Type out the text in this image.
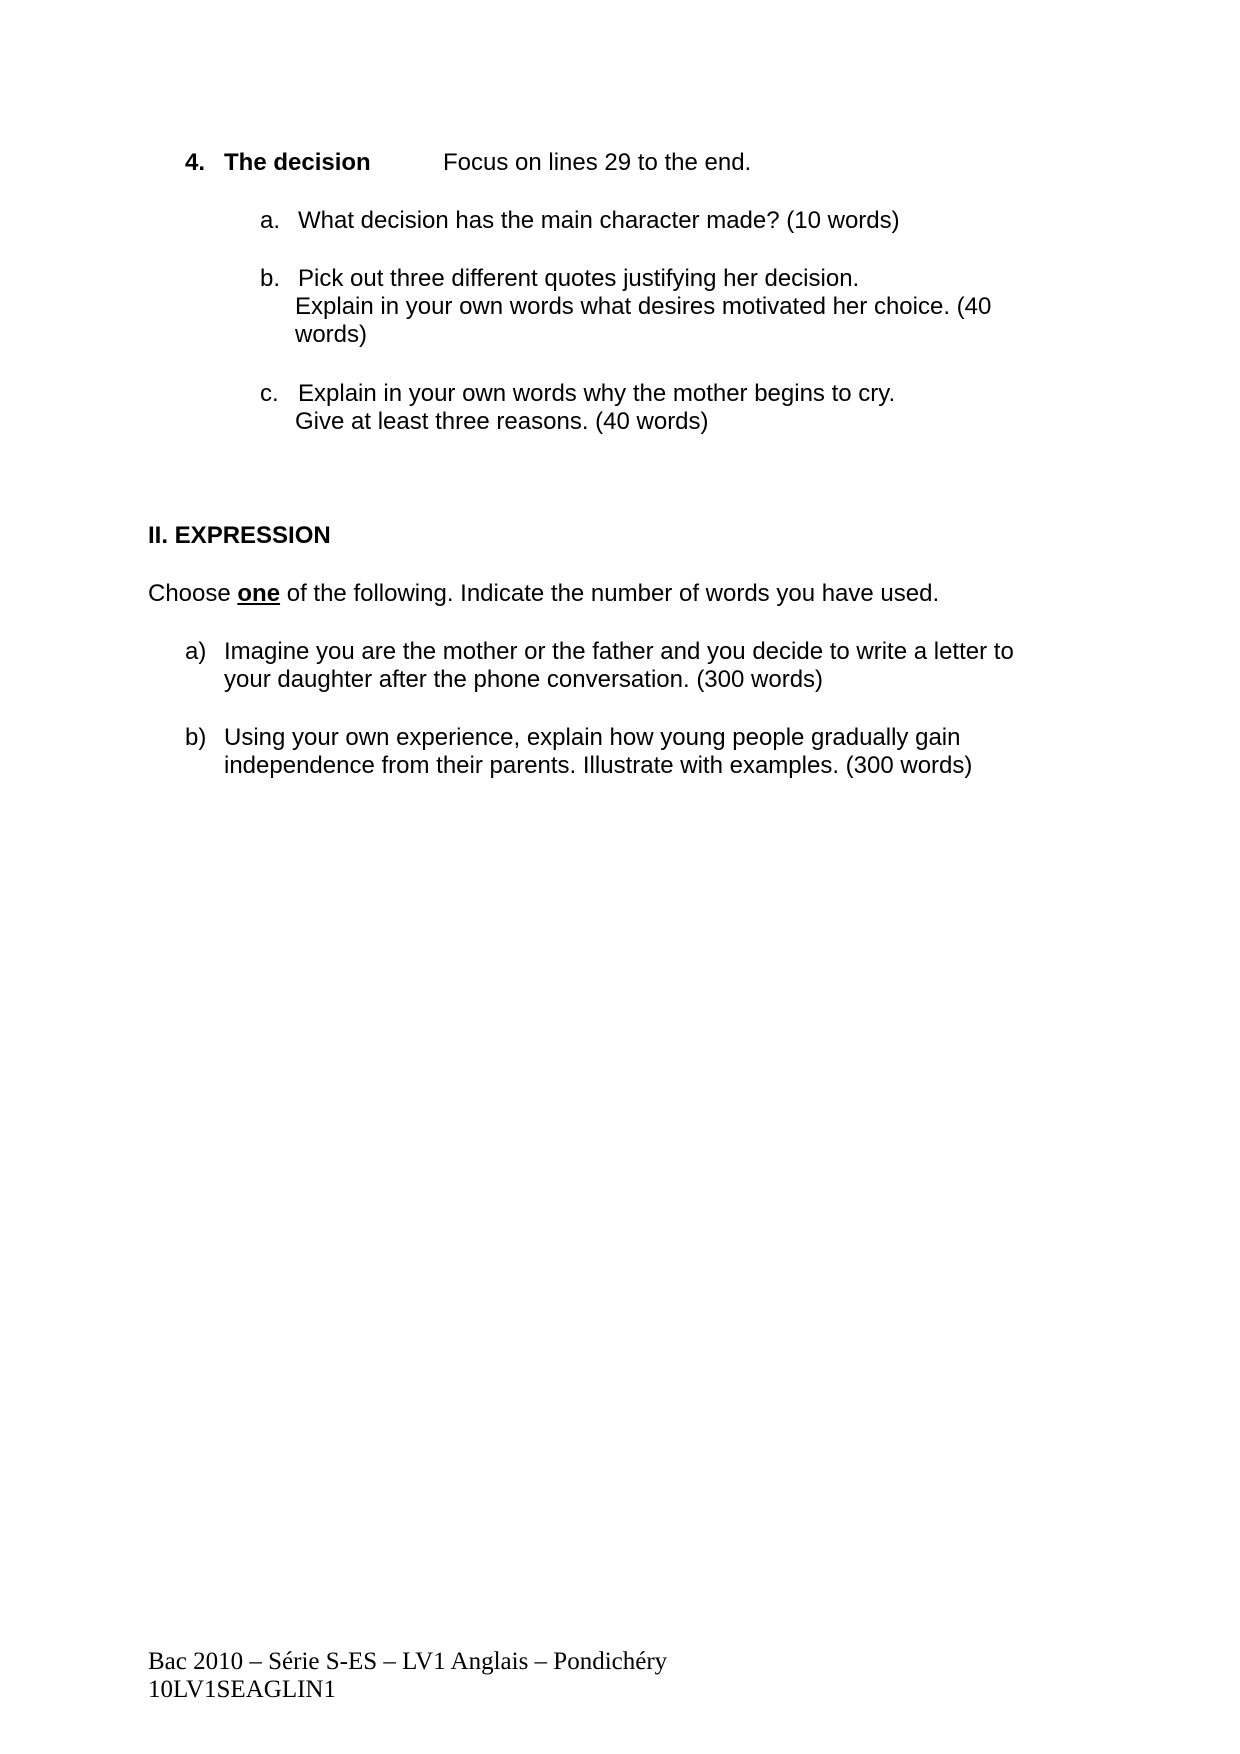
4. The decision	Focus on lines 29 to the end.
a. What decision has the main character made? (10 words)
b. Pick out three different quotes justifying her decision.
Explain in your own words what desires motivated her choice. (40
words)
c. Explain in your own words why the mother begins to cry.
Give at least three reasons. (40 words)
II. EXPRESSION
Choose one of the following. Indicate the number of words you have used.
a) Imagine you are the mother or the father and you decide to write a letter to
your daughter after the phone conversation. (300 words)
b) Using your own experience, explain how young people gradually gain
independence from their parents. Illustrate with examples. (300 words)
Bac 2010 – Série S-ES – LV1 Anglais – Pondichéry
10LV1SEAGLIN1
